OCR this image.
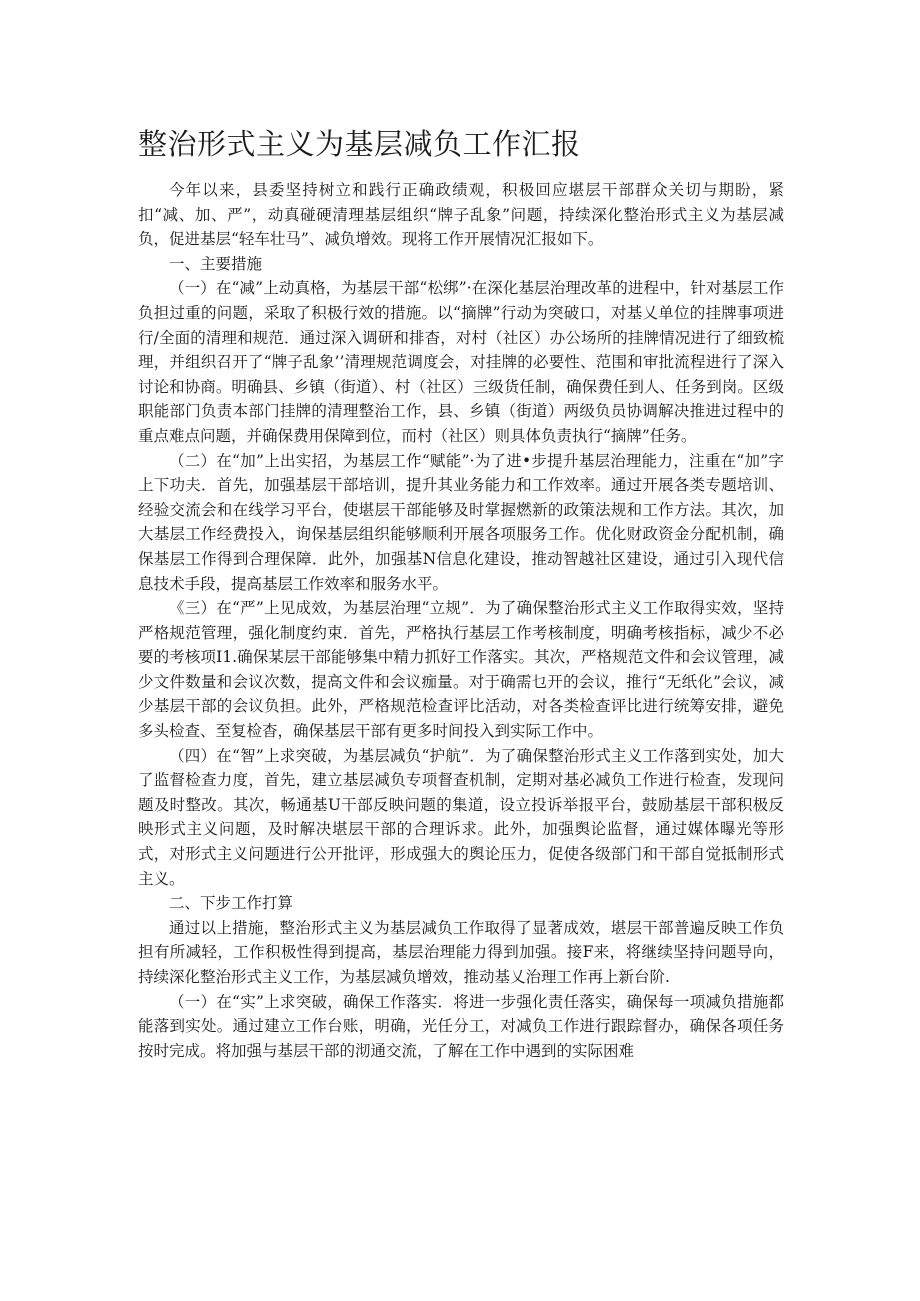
整治形式主义为基层减负工作汇报

今年以来，县委坚持树立和践行正确政绩观，积极回应堪层干部群众关切与期盼，紧扣“减、加、严”，动真碰硬清理基层组织“牌子乱象”问题，持续深化整治形式主义为基层减负，促进基层“轻车壮马”、减负增效。现将工作开展情况汇报如下。

一、主要措施

（一）在“减”上动真格，为基层干部“松绑”·在深化基层治理改革的进程中，针对基层工作负担过重的问题，采取了积极行效的措施。以“摘牌”行动为突破口，对基乂单位的挂牌事项进行/全面的清理和规范．通过深入调研和排杳，对村（社区）办公场所的挂牌情况进行了细致梳理，并组织召开了“牌子乱象’’清理规范调度会，对挂牌的必要性、范围和审批流程进行了深入讨论和协商。明确县、乡镇（街道）、村（社区）三级货任制，确保费任到人、任务到岗。区级职能部门负责本部门挂牌的清理整治工作，县、乡镇（街道）两级负员协调解决推进过程中的重点难点问题，并确保费用保障到位，而村（社区）则具体负责执行“摘牌”任务。

（二）在“加”上出实招，为基层工作“赋能”·为了进•步提升基层治理能力，注重在“加”字上下功夫．首先，加强基层干部培训，提升其业务能力和工作效率。通过开展各类专题培训、经验交流会和在线学习平台，使堪层干部能够及时掌握燃新的政策法规和工作方法。其次，加大基层工作经费投入，询保基层组织能够顺利开展各项服务工作。优化财政资金分配机制，确保基层工作得到合理保障．此外，加强基N信息化建设，推动智越社区建设，通过引入现代信息技术手段，提高基层工作效率和服务水平。

《三）在“严”上见成效，为基层治理“立规”．为了确保整治形式主义工作取得实效，坚持严格规范管理，强化制度约束．首先，严格执行基层工作考核制度，明确考核指标，减少不必要的考核项I1.确保某层干部能够集中精力抓好工作落实。其次，严格规范文件和会议管理，减少文件数量和会议次数，提高文件和会议痂量。对于确需乜开的会议，推行“无纸化”会议，减少基层干部的会议负担。此外，严格规范检查评比活动，对各类检查评比进行统筹安排，避免多头检查、至复检杳，确保基层干部有更多时间投入到实际工作中。

（四）在“智”上求突破，为基层减负“护航”．为了确保整治形式主义工作落到实处，加大了监督检查力度，首先，建立基层减负专项督查机制，定期对基必减负工作进行检查，发现问题及时整改。其次，畅通基U干部反映问题的集道，设立投诉举报平台，鼓励基层干部积极反映形式主义问题，及时解决堪层干部的合理诉求。此外，加强舆论监督，通过媒体曝光等形式，对形式主义问题进行公开批评，形成强大的舆论压力，促使各级部门和干部自觉抵制形式主义。

二、下步工作打算

通过以上措施，整治形式主义为基层减负工作取得了显著成效，堪层干部普遍反映工作负担有所减轻，工作积极性得到提高，基层治理能力得到加强。接F来，将继续坚持问题导向，持续深化整治形式主义工作，为基层减负增效，推动基乂治理工作再上新台阶.

（一）在“实”上求突破，确保工作落实．将进一步强化责任落实，确保每一项减负措施都能落到实处。通过建立工作台账，明确，光任分工，对减负工作进行跟踪督办，确保各项任务按时完成。将加强与基层干部的沏通交流，了解在工作中遇到的实际困难
